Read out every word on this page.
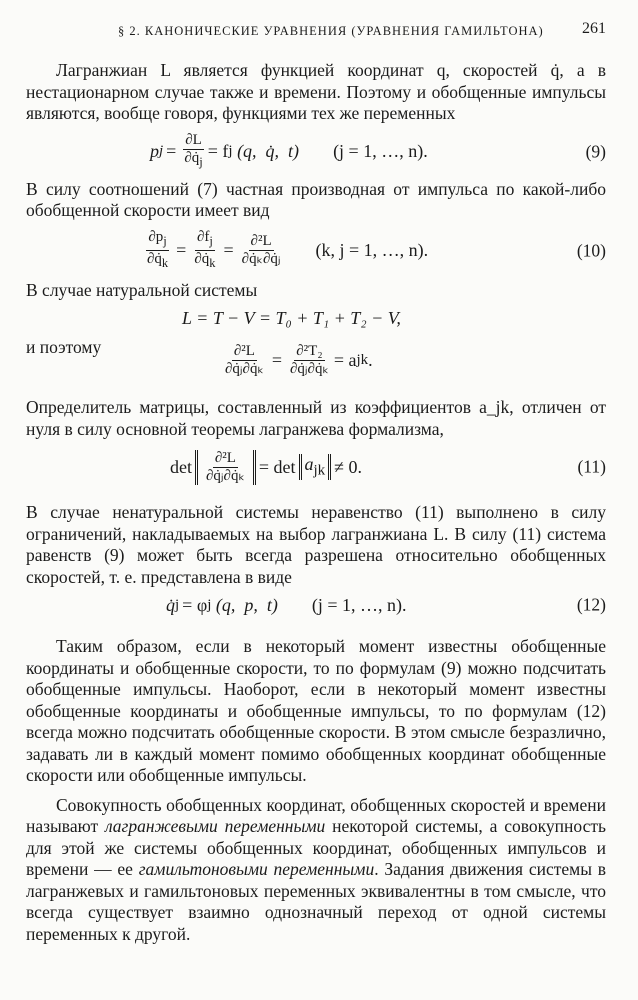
§ 2. КАНОНИЧЕСКИЕ УРАВНЕНИЯ (УРАВНЕНИЯ ГАМИЛЬТОНА) 261

Лагранжиан L является функцией координат q, скоростей q̇, а в нестационарном случае также и времени. Поэтому и обобщенные импульсы являются, вообще говоря, функциями тех же переменных

p $j = \frac{\partial L}{\partial q̇_j} = f$ j (q,  q̇,  t) (j = 1, …, n).	(9)

В силу соотношений (7) частная производная от импульса по какой-либо обобщенной скорости имеет вид

$\frac{\partial p_j}{\partial q̇_k} = \frac{\partial f_j}{\partial q̇_k} = \frac{\text{∂²L}}{\text{∂q̇ₖ∂q̇ⱼ}} (k$, j = 1, …, n).	(10)

В случае натуральной системы

L = T − V = T₀ + T₁ + T₂ − V,
и поэтому	$\frac{\text{∂²L}}{\text{∂q̇ⱼ∂q̇ₖ}} = \frac{\text{∂²T₂}}{\text{∂q̇ⱼ∂q̇ₖ}} = a$ jk .

Определитель матрицы, составленный из коэффициентов a_jk, отличен от нуля в силу основной теоремы лагранжева формализма,

$\det \frac{\text{∂²L}}{\text{∂q̇ⱼ∂q̇ₖ}} = \det a_{jk} \ne 0$.	(11)

В случае ненатуральной системы неравенство (11) выполнено в силу ограничений, накладываемых на выбор лагранжиана L. В силу (11) система равенств (9) может быть всегда разрешена относительно обобщенных скоростей, т. е. представлена в виде

q̇ j = φ j (q,  p,  t) (j = 1, …, n).	(12)

Таким образом, если в некоторый момент известны обобщенные координаты и обобщенные скорости, то по формулам (9) можно подсчитать обобщенные импульсы. Наоборот, если в некоторый момент известны обобщенные координаты и обобщенные импульсы, то по формулам (12) всегда можно подсчитать обобщенные скорости. В этом смысле безразлично, задавать ли в каждый момент помимо обобщенных координат обобщенные скорости или обобщенные импульсы.

Совокупность обобщенных координат, обобщенных скоростей и времени называют лагранжевыми переменными некоторой системы, а совокупность для этой же системы обобщенных координат, обобщенных импульсов и времени — ее гамильтоновыми переменными. Задания движения системы в лагранжевых и гамильтоновых переменных эквивалентны в том смысле, что всегда существует взаимно однозначный переход от одной системы переменных к другой.
